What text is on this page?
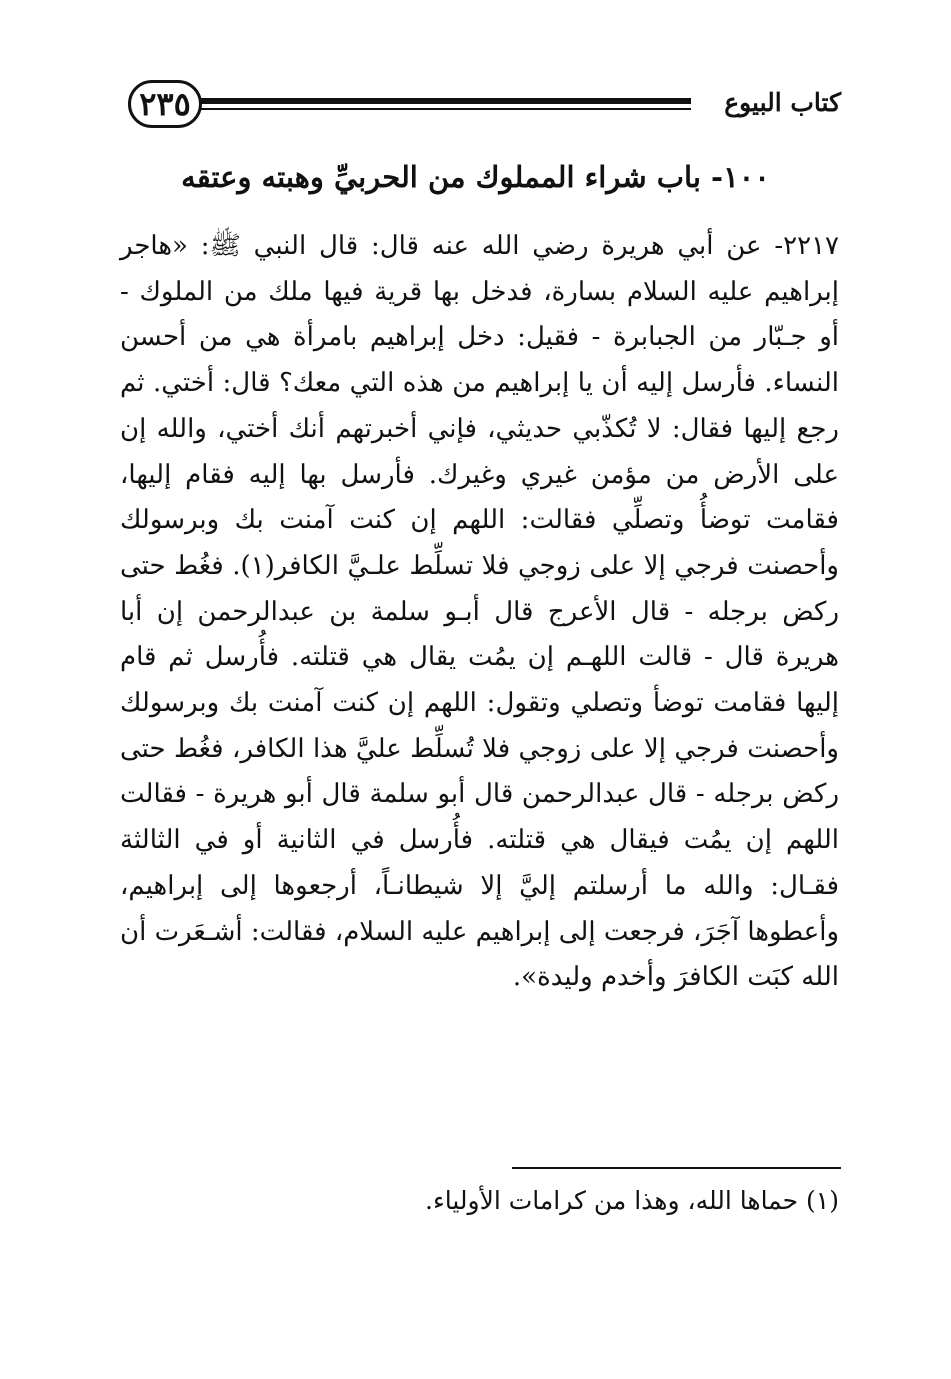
٢٣٥	كتاب البيوع
١٠٠- باب شراء المملوك من الحربيِّ وهبته وعتقه
٢٢١٧- عن أبي هريرة رضي الله عنه قال: قال النبي ﷺ: «هاجر إبراهيم عليه السلام بسارة، فدخل بها قرية فيها ملك من الملوك - أو جـبّار من الجبابرة - فقيل: دخل إبراهيم بامرأة هي من أحسن النساء. فأرسل إليه أن يا إبراهيم من هذه التي معك؟ قال: أختي. ثم رجع إليها فقال: لا تُكذّبي حديثي، فإني أخبرتهم أنك أختي، والله إن على الأرض من مؤمن غيري وغيرك. فأرسل بها إليه فقام إليها، فقامت توضأُ وتصلِّي فقالت: اللهم إن كنت آمنت بك وبرسولك وأحصنت فرجي إلا على زوجي فلا تسلِّط علـيَّ الكافر(١). فغُط حتى ركض برجله - قال الأعرج قال أبـو سلمة بن عبدالرحمن إن أبا هريرة قال - قالت اللهـم إن يمُت يقال هي قتلته. فأُرسل ثم قام إليها فقامت توضأ وتصلي وتقول: اللهم إن كنت آمنت بك وبرسولك وأحصنت فرجي إلا على زوجي فلا تُسلِّط عليَّ هذا الكافر، فغُط حتى ركض برجله - قال عبدالرحمن قال أبو سلمة قال أبو هريرة - فقالت اللهم إن يمُت فيقال هي قتلته. فأُرسل في الثانية أو في الثالثة فقـال: والله ما أرسلتم إليَّ إلا شيطانـاً، أرجعوها إلى إبراهيم، وأعطوها آجَرَ، فرجعت إلى إبراهيم عليه السلام، فقالت: أشـعَرت أن الله كبَت الكافرَ وأخدم وليدة».
(١) حماها الله، وهذا من كرامات الأولياء.
